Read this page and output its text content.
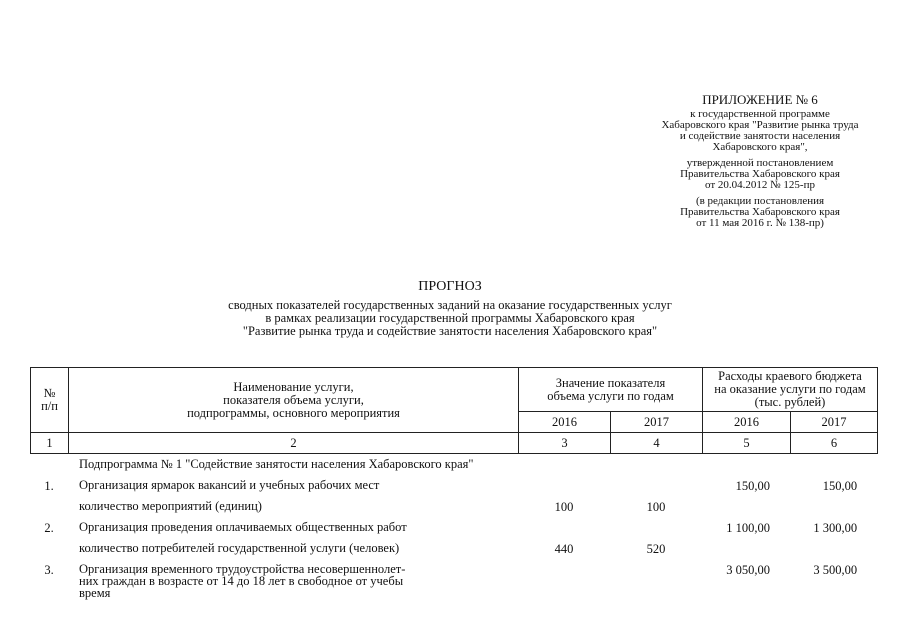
ПРИЛОЖЕНИЕ № 6
к государственной программе
Хабаровского края "Развитие рынка труда
и содействие занятости населения
Хабаровского края",
утвержденной постановлением
Правительства Хабаровского края
от 20.04.2012 № 125-пр
(в редакции постановления
Правительства Хабаровского края
от 11 мая 2016 г. № 138-пр)
ПРОГНОЗ
сводных показателей государственных заданий на оказание государственных услуг
в рамках реализации государственной программы Хабаровского края
"Развитие рынка труда и содействие занятости населения Хабаровского края"
№
п/п	Наименование услуги,
показателя объема услуги,
подпрограммы, основного мероприятия	Значение показателя
объема услуги по годам		Расходы краевого бюджета
на оказание услуги по годам
(тыс. рублей)	

		2016	2017	2016	2017
1	2	3	4	5	6
	Подпрограмма № 1 "Содействие занятости населения Хабаровского края"				
1.	Организация ярмарок вакансий и учебных рабочих мест			150,00	150,00
	количество мероприятий (единиц)	100	100		
2.	Организация проведения оплачиваемых общественных работ			1 100,00	1 300,00
	количество потребителей государственной услуги (человек)	440	520		
3.	Организация временного трудоустройства несовершеннолет-
них граждан в возрасте от 14 до 18 лет в свободное от учебы
время			3 050,00	3 500,00
